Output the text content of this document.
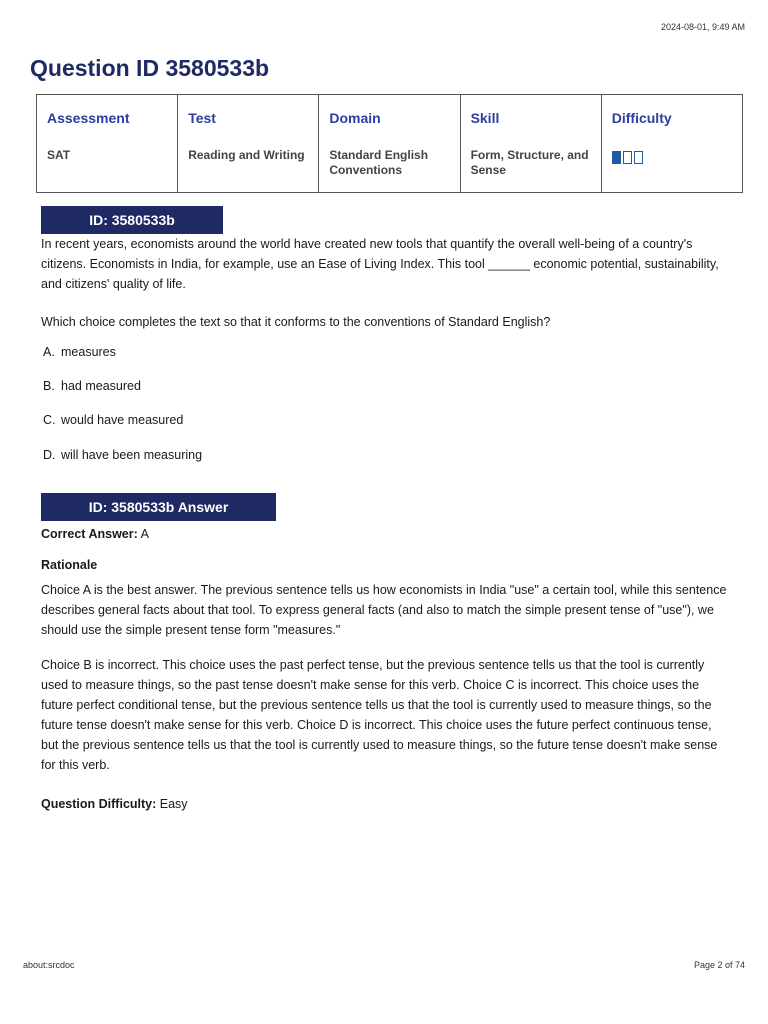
2024-08-01, 9:49 AM
Question ID 3580533b
Assessment	Test	Domain	Skill	Difficulty
SAT	Reading and Writing	Standard English Conventions	Form, Structure, and Sense	
ID: 3580533b

In recent years, economists around the world have created new tools that quantify the overall well-being of a country's citizens. Economists in India, for example, use an Ease of Living Index. This tool ______ economic potential, sustainability, and citizens' quality of life.

Which choice completes the text so that it conforms to the conventions of Standard English?

A. measures
B. had measured
C. would have measured
D. will have been measuring
ID: 3580533b Answer
Correct Answer: A
Rationale

Choice A is the best answer. The previous sentence tells us how economists in India "use" a certain tool, while this sentence describes general facts about that tool. To express general facts (and also to match the simple present tense of "use"), we should use the simple present tense form "measures."

Choice B is incorrect. This choice uses the past perfect tense, but the previous sentence tells us that the tool is currently used to measure things, so the past tense doesn't make sense for this verb. Choice C is incorrect. This choice uses the future perfect conditional tense, but the previous sentence tells us that the tool is currently used to measure things, so the future tense doesn't make sense for this verb. Choice D is incorrect. This choice uses the future perfect continuous tense, but the previous sentence tells us that the tool is currently used to measure things, so the future tense doesn't make sense for this verb.

Question Difficulty: Easy
about:srcdoc	Page 2 of 74
